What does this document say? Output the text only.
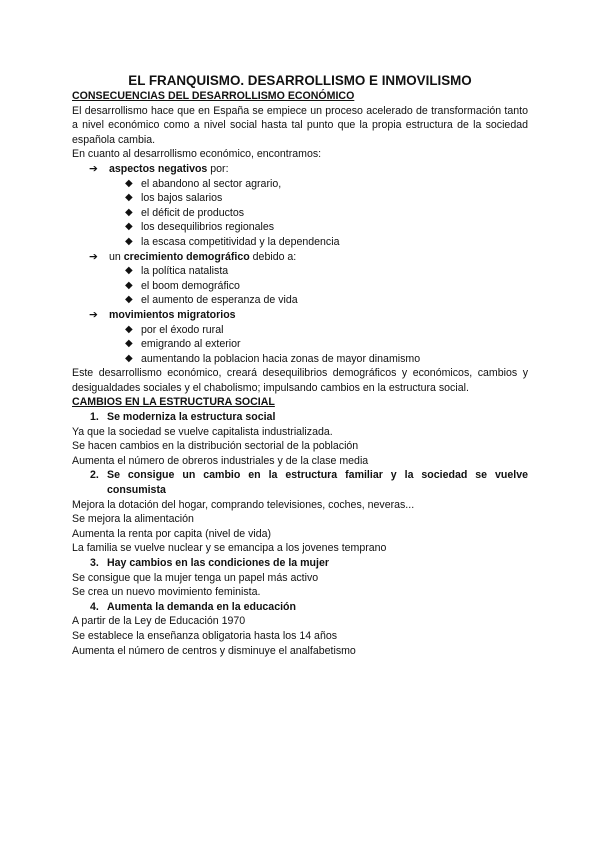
EL FRANQUISMO. DESARROLLISMO E INMOVILISMO

CONSECUENCIAS DEL DESARROLLISMO ECONÓMICO

El desarrollismo hace que en España se empiece un proceso acelerado de transformación tanto a nivel económico como a nivel social hasta tal punto que la propia estructura de la sociedad española cambia.

En cuanto al desarrollismo económico, encontramos:

➔ aspectos negativos por:
◆ el abandono al sector agrario,
◆ los bajos salarios
◆ el déficit de productos
◆ los desequilibrios regionales
◆ la escasa competitividad y la dependencia
➔ un crecimiento demográfico debido a:
◆ la política natalista
◆ el boom demográfico
◆ el aumento de esperanza de vida
➔ movimientos migratorios
◆ por el éxodo rural
◆ emigrando al exterior
◆ aumentando la poblacion hacia zonas de mayor dinamismo

Este desarrollismo económico, creará desequilibrios demográficos y económicos, cambios y desigualdades sociales y el chabolismo; impulsando cambios en la estructura social.

CAMBIOS EN LA ESTRUCTURA SOCIAL

1. Se moderniza la estructura social

Ya que la sociedad se vuelve capitalista industrializada.

Se hacen cambios en la distribución sectorial de la población

Aumenta el número de obreros industriales y de la clase media

2. Se consigue un cambio en la estructura familiar y la sociedad se vuelve consumista

Mejora la dotación del hogar, comprando televisiones, coches, neveras...

Se mejora la alimentación

Aumenta la renta por capita (nivel de vida)

La familia se vuelve nuclear y se emancipa a los jovenes temprano

3. Hay cambios en las condiciones de la mujer

Se consigue que la mujer tenga un papel más activo

Se crea un nuevo movimiento feminista.

4. Aumenta la demanda en la educación

A partir de la Ley de Educación 1970

Se establece la enseñanza obligatoria hasta los 14 años

Aumenta el número de centros y disminuye el analfabetismo
